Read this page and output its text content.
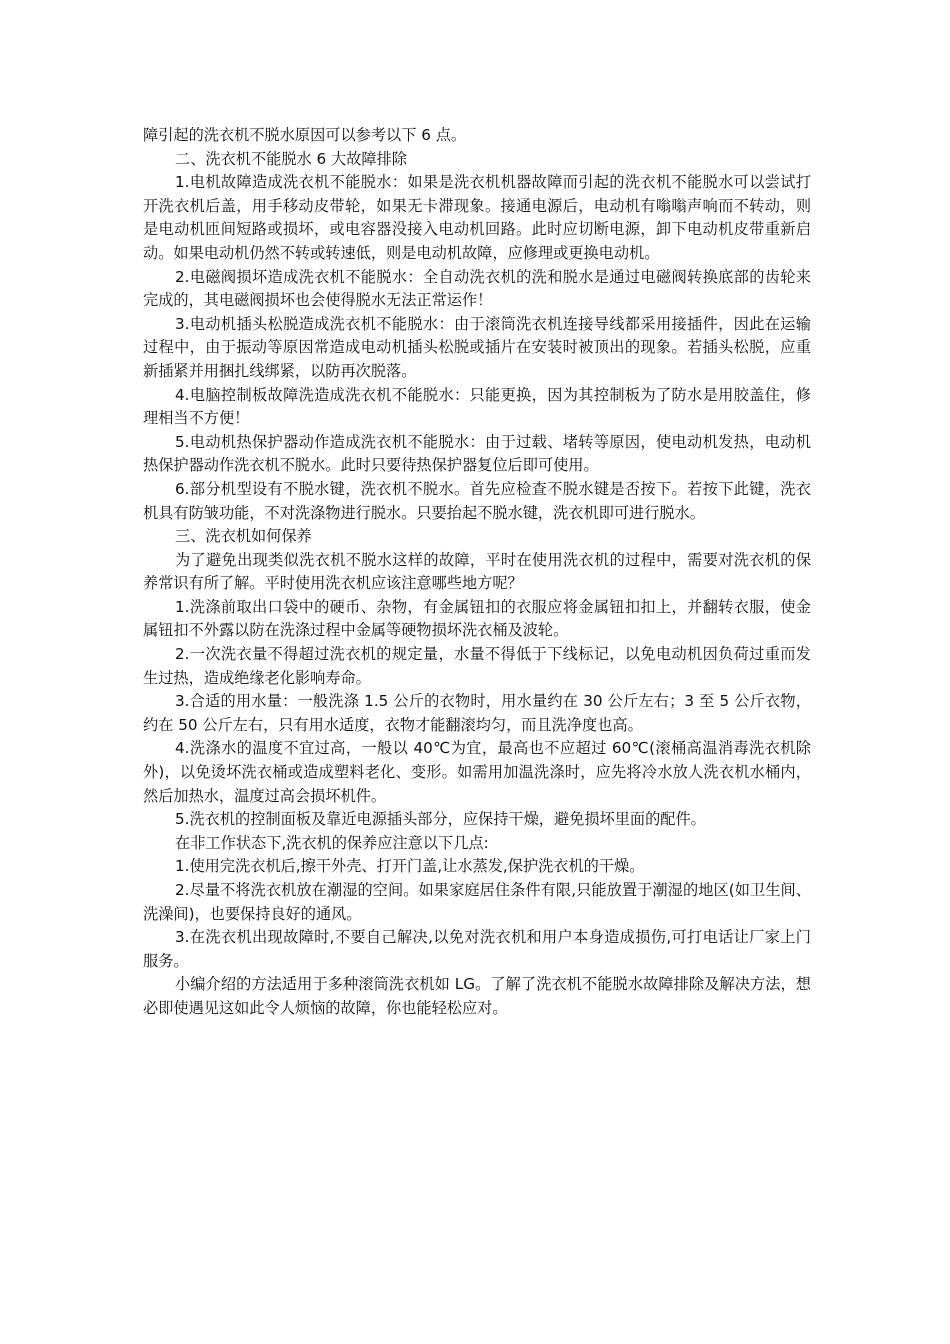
障引起的洗衣机不脱水原因可以参考以下 6 点。

二、洗衣机不能脱水 6 大故障排除

1.电机故障造成洗衣机不能脱水：如果是洗衣机机器故障而引起的洗衣机不能脱水可以尝试打开洗衣机后盖，用手移动皮带轮，如果无卡滞现象。接通电源后，电动机有嗡嗡声响而不转动，则是电动机匝间短路或损坏，或电容器没接入电动机回路。此时应切断电源，卸下电动机皮带重新启动。如果电动机仍然不转或转速低，则是电动机故障，应修理或更换电动机。

2.电磁阀损坏造成洗衣机不能脱水：全自动洗衣机的洗和脱水是通过电磁阀转换底部的齿轮来完成的，其电磁阀损坏也会使得脱水无法正常运作！

3.电动机插头松脱造成洗衣机不能脱水：由于滚筒洗衣机连接导线都采用接插件，因此在运输过程中，由于振动等原因常造成电动机插头松脱或插片在安装时被顶出的现象。若插头松脱，应重新插紧并用捆扎线绑紧，以防再次脱落。

4.电脑控制板故障洗造成洗衣机不能脱水：只能更换，因为其控制板为了防水是用胶盖住，修理相当不方便！

5.电动机热保护器动作造成洗衣机不能脱水：由于过载、堵转等原因，使电动机发热，电动机热保护器动作洗衣机不脱水。此时只要待热保护器复位后即可使用。

6.部分机型设有不脱水键，洗衣机不脱水。首先应检查不脱水键是否按下。若按下此键，洗衣机具有防皱功能，不对洗涤物进行脱水。只要抬起不脱水键，洗衣机即可进行脱水。

三、洗衣机如何保养

为了避免出现类似洗衣机不脱水这样的故障，平时在使用洗衣机的过程中，需要对洗衣机的保养常识有所了解。平时使用洗衣机应该注意哪些地方呢？

1.洗涤前取出口袋中的硬币、杂物，有金属钮扣的衣服应将金属钮扣扣上，并翻转衣服，使金属钮扣不外露以防在洗涤过程中金属等硬物损坏洗衣桶及波轮。

2.一次洗衣量不得超过洗衣机的规定量，水量不得低于下线标记，以免电动机因负荷过重而发生过热，造成绝缘老化影响寿命。

3.合适的用水量：一般洗涤 1.5 公斤的衣物时，用水量约在 30 公斤左右；3 至 5 公斤衣物，约在 50 公斤左右，只有用水适度，衣物才能翻滚均匀，而且洗净度也高。

4.洗涤水的温度不宜过高，一般以 40℃为宜，最高也不应超过 60℃(滚桶高温消毒洗衣机除外)，以免烫坏洗衣桶或造成塑料老化、变形。如需用加温洗涤时，应先将冷水放人洗衣机水桶内，然后加热水，温度过高会损坏机件。

5.洗衣机的控制面板及靠近电源插头部分，应保持干燥，避免损坏里面的配件。

在非工作状态下,洗衣机的保养应注意以下几点:

1.使用完洗衣机后,擦干外壳、打开门盖,让水蒸发,保护洗衣机的干燥。

2.尽量不将洗衣机放在潮湿的空间。如果家庭居住条件有限,只能放置于潮湿的地区(如卫生间、洗澡间)，也要保持良好的通风。

3.在洗衣机出现故障时,不要自己解决,以免对洗衣机和用户本身造成损伤,可打电话让厂家上门服务。

小编介绍的方法适用于多种滚筒洗衣机如 LG。了解了洗衣机不能脱水故障排除及解决方法，想必即使遇见这如此令人烦恼的故障，你也能轻松应对。
